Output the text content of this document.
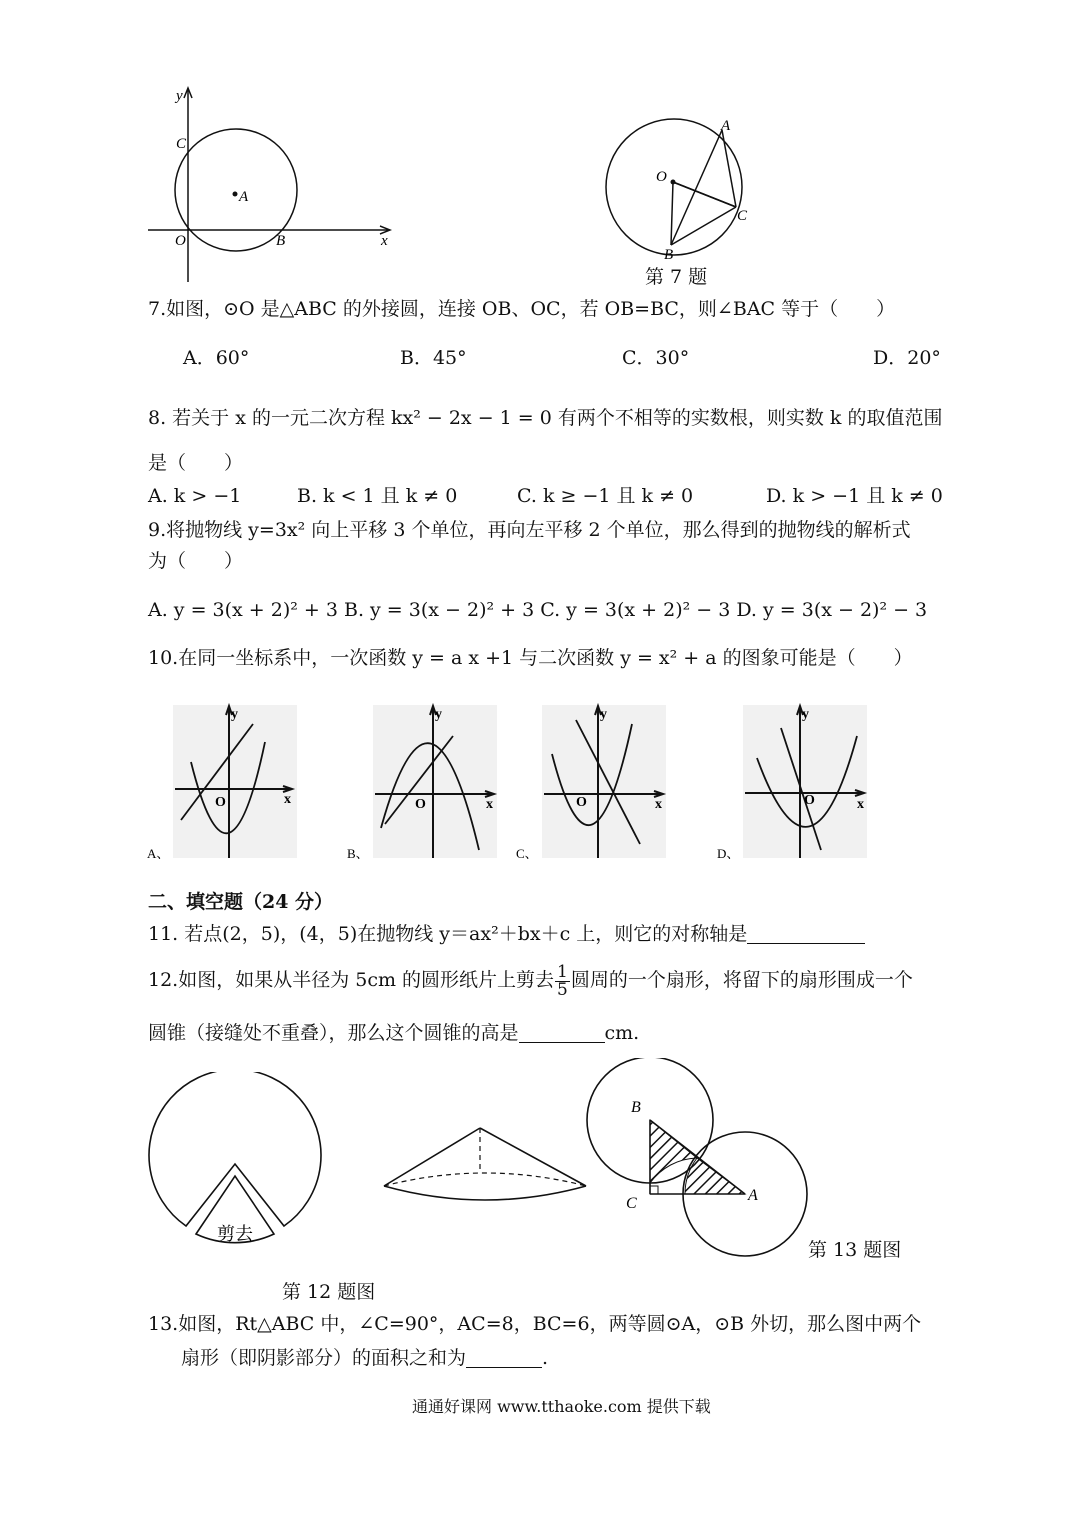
y
x
C
A
O	B
A
O
C
B
第 7 题
7.如图，⊙O 是△ABC 的外接圆，连接 OB、OC，若 OB=BC，则∠BAC 等于（　　）
A．60°	B．45°	C．30°	D．20°
8. 若关于 x 的一元二次方程 kx² − 2x − 1 = 0 有两个不相等的实数根，则实数 k 的取值范围
是（　　）
A. k > −1	B. k < 1 且 k ≠ 0	C. k ≥ −1 且 k ≠ 0	D. k > −1 且 k ≠ 0
9.将抛物线 y=3x² 向上平移 3 个单位，再向左平移 2 个单位，那么得到的抛物线的解析式
为（　　）
A. y = 3(x + 2)² + 3 B. y = 3(x − 2)² + 3 C. y = 3(x + 2)² − 3 D. y = 3(x − 2)² − 3
10.在同一坐标系中，一次函数 y = a x +1 与二次函数 y = x² + a 的图象可能是（　　）
y
x
O
A、
y
x
O
B、
y
x
O
C、
y
x
O
D、
二、填空题（24 分）
11. 若点(2，5)，(4，5)在抛物线 y＝ax²＋bx＋c 上，则它的对称轴是
12.如图，如果从半径为 5cm 的圆形纸片上剪去 $\frac{1}{5}$ 圆周的一个扇形，将留下的扇形围成一个
圆锥（接缝处不重叠），那么这个圆锥的高是	cm.
剪去
第 12 题图
B
C	A
第 13 题图
13.如图，Rt△ABC 中，∠C=90°，AC=8，BC=6，两等圆⊙A，⊙B 外切，那么图中两个
扇形（即阴影部分）的面积之和为	.
通通好课网 www.tthaoke.com 提供下载
